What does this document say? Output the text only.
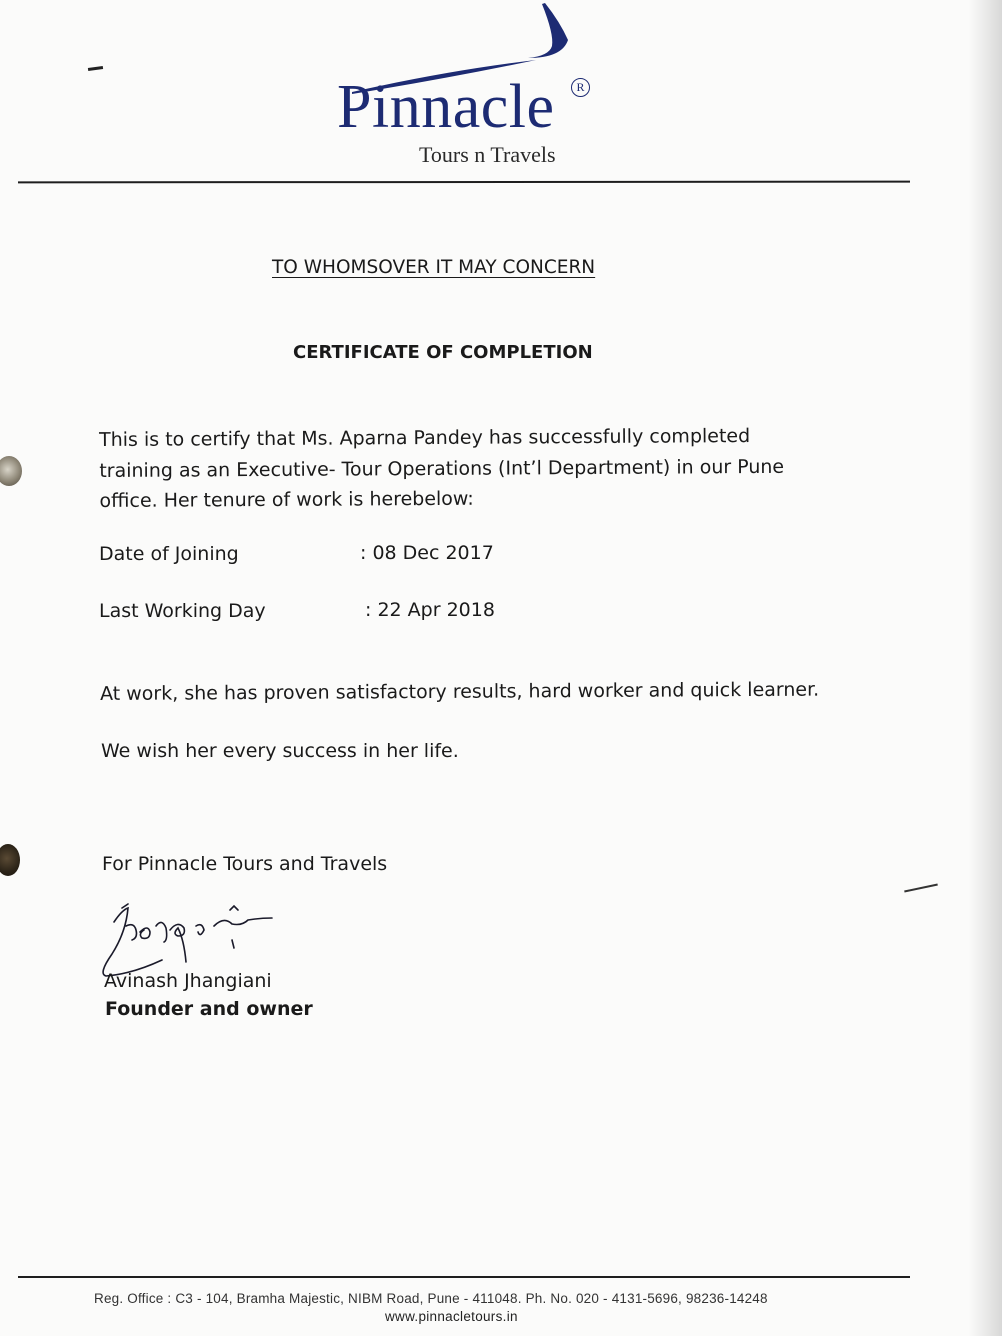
Pinnacle	R

Tours n Travels

TO WHOMSOVER IT MAY CONCERN

CERTIFICATE OF COMPLETION

This is to certify that Ms. Aparna Pandey has successfully completed training as an Executive- Tour Operations (Int’l Department) in our Pune office. Her tenure of work is herebelow:

Date of Joining	: 08 Dec 2017

Last Working Day	: 22 Apr 2018

At work, she has proven satisfactory results, hard worker and quick learner.

We wish her every success in her life.

For Pinnacle Tours and Travels

Avinash Jhangiani

Founder and owner

Reg. Office : C3 - 104, Bramha Majestic, NIBM Road, Pune - 411048. Ph. No. 020 - 4131-5696, 98236-14248

www.pinnacletours.in
